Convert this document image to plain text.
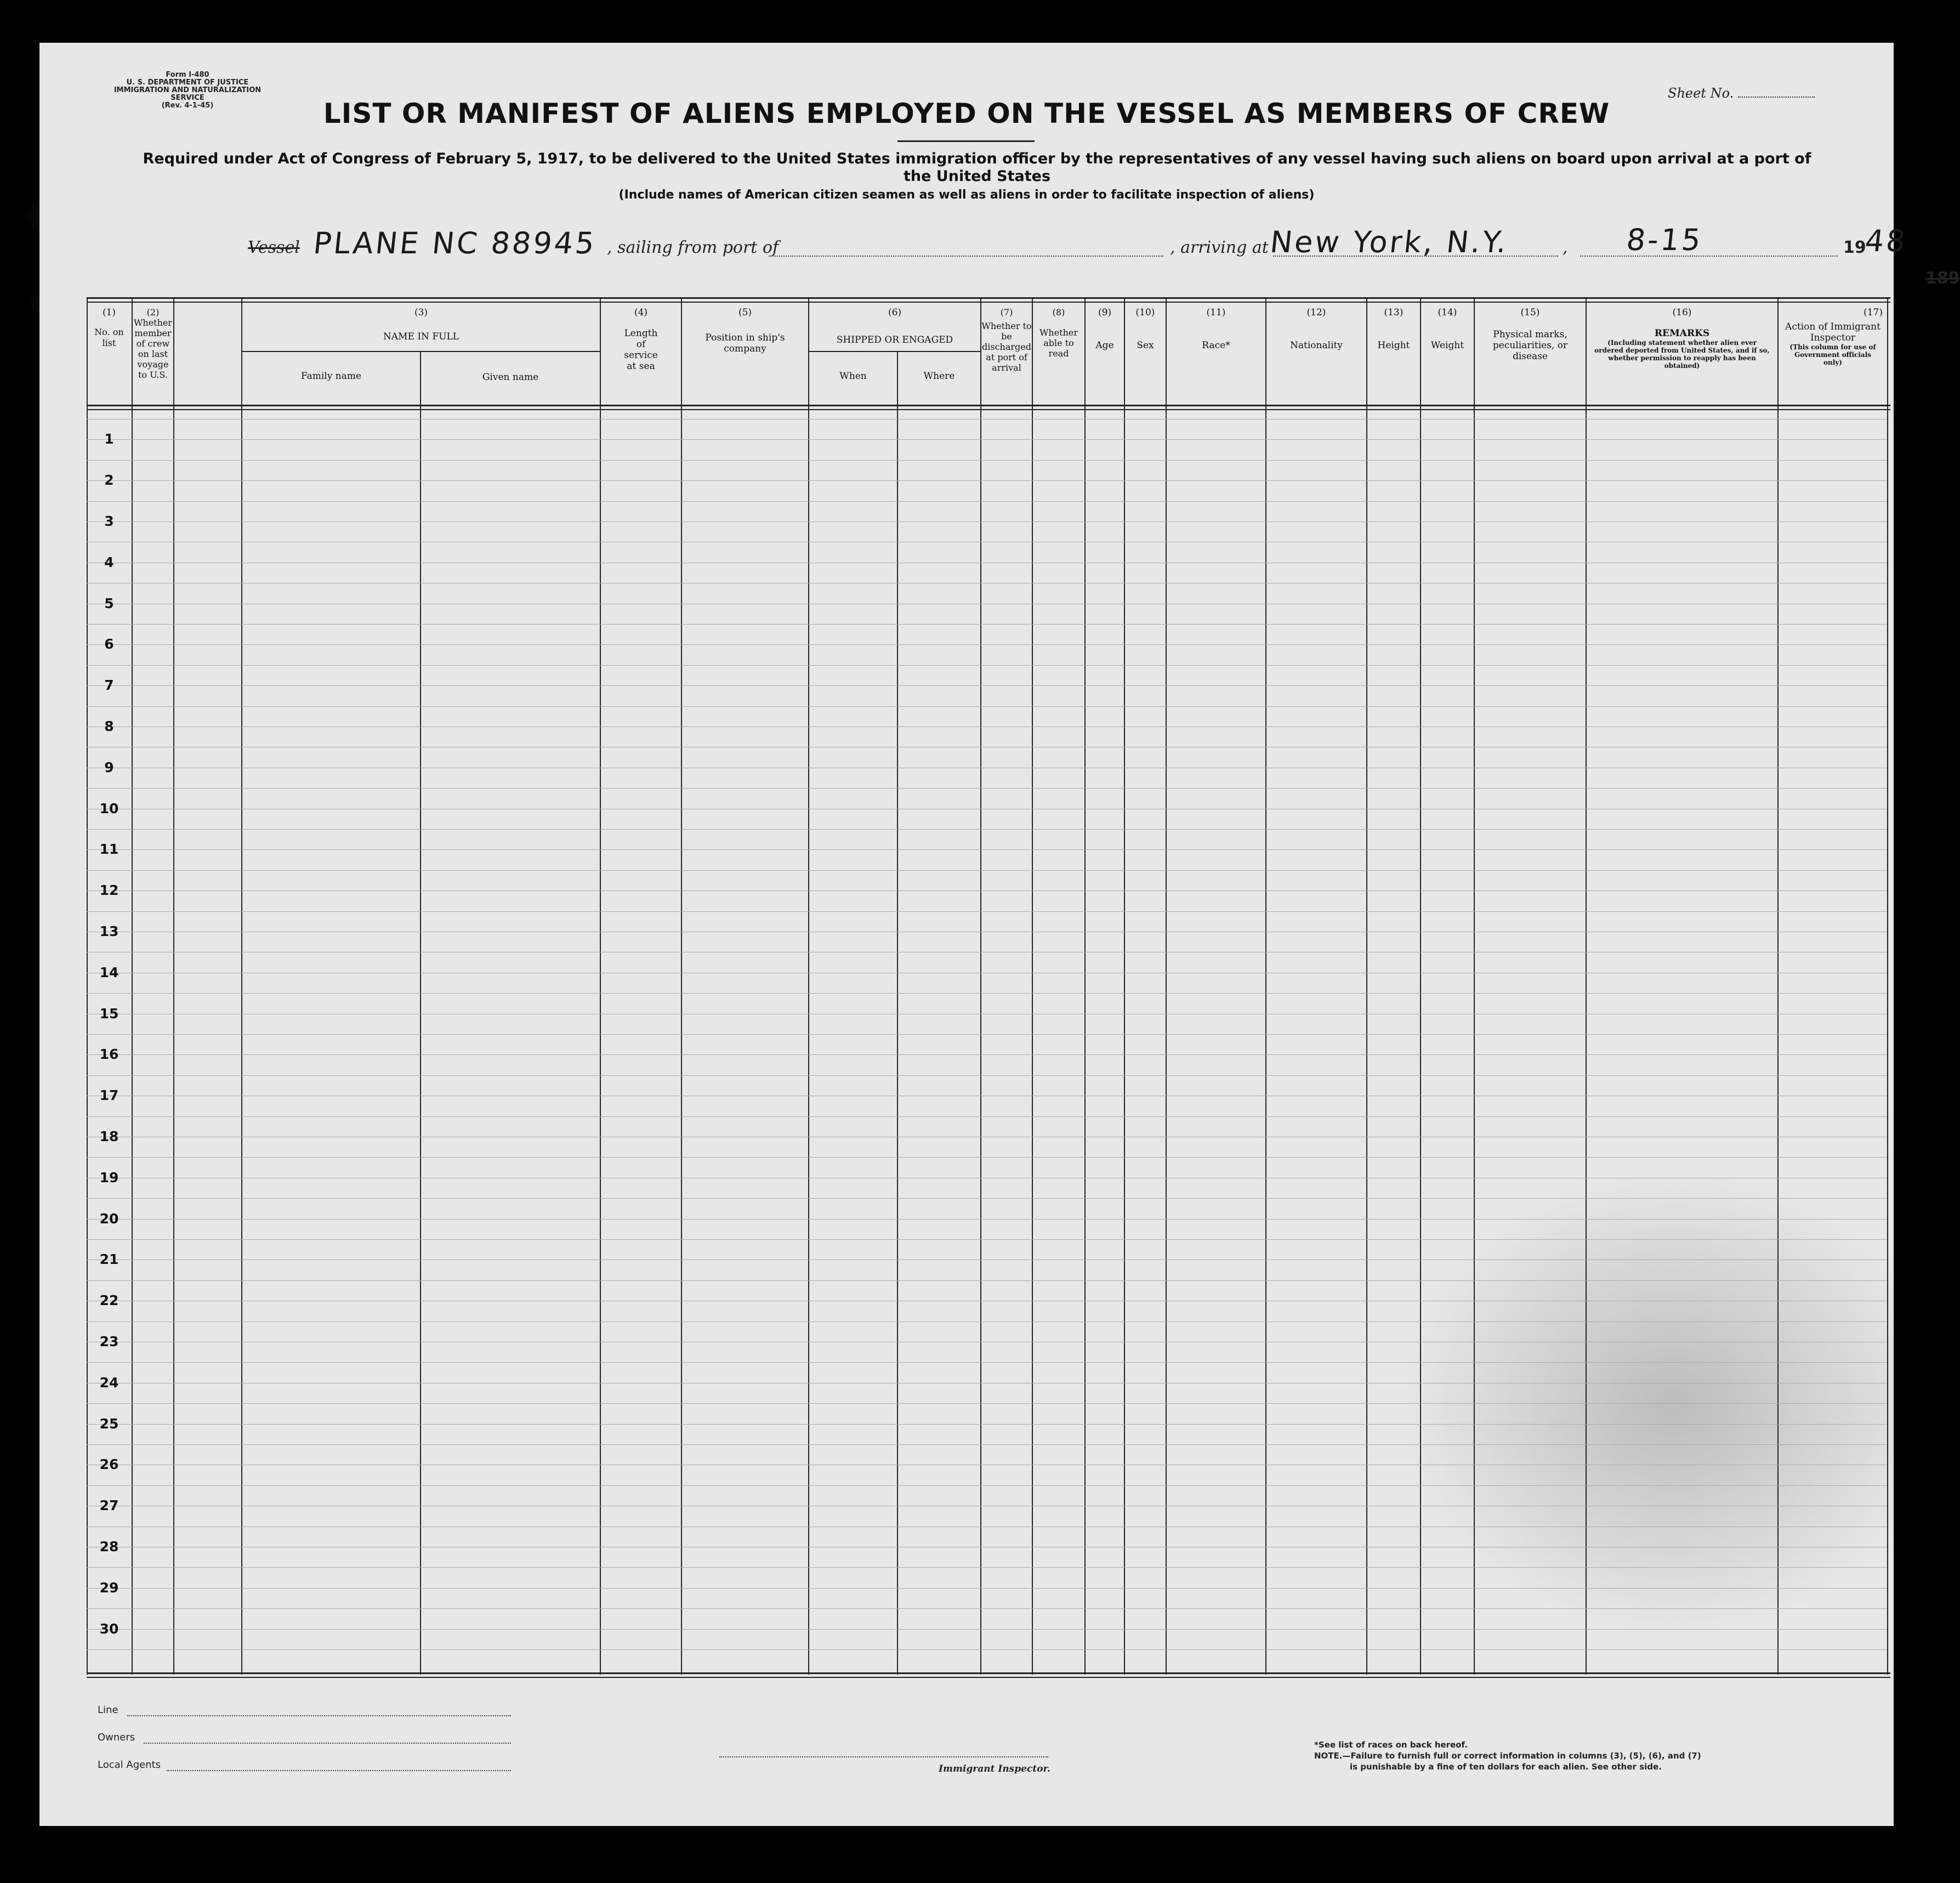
Form I-480
U. S. DEPARTMENT OF JUSTICE
IMMIGRATION AND NATURALIZATION SERVICE
(Rev. 4-1-45)
Sheet No.
LIST OR MANIFEST OF ALIENS EMPLOYED ON THE VESSEL AS MEMBERS OF CREW
Required under Act of Congress of February 5, 1917, to be delivered to the United States immigration officer by the representatives of any vessel having such aliens on board upon arrival at a port of the United States
(Include names of American citizen seamen as well as aliens in order to facilitate inspection of aliens)
Vessel PLANE NC 88945 , sailing from port of	, arriving at New York, N.Y.	, 8-15	19
48
189
(1)
No. on list
(2)
Whether member of crew on last voyage to U.S.
(3)
NAME IN FULL
Family name	Given name
(4)
Length of service at sea
(5)
Position in ship's company
(6)
SHIPPED OR ENGAGED
When	Where
(7)
Whether to be discharged at port of arrival
(8)
Whether able to read
(9)
Age
(10)
Sex
(11)
Race*
(12)
Nationality
(13)
Height
(14)
Weight
(15)
Physical marks, peculiarities, or disease
(16)
REMARKS
(Including statement whether alien ever ordered deported from United States, and if so, whether permission to reapply has been obtained)
(17)
Action of Immigrant Inspector
(This column for use of Government officials only)
1
2
3
4
5
6
7
8
9
10
11
12
13
14
15
16
17
18
19
20
21
22
23
24
25
26
27
28
29
30
Line
Owners
Local Agents	Immigrant Inspector.
*See list of races on back hereof.
NOTE.—Failure to furnish full or correct information in columns (3), (5), (6), and (7)
is punishable by a fine of ten dollars for each alien. See other side.
